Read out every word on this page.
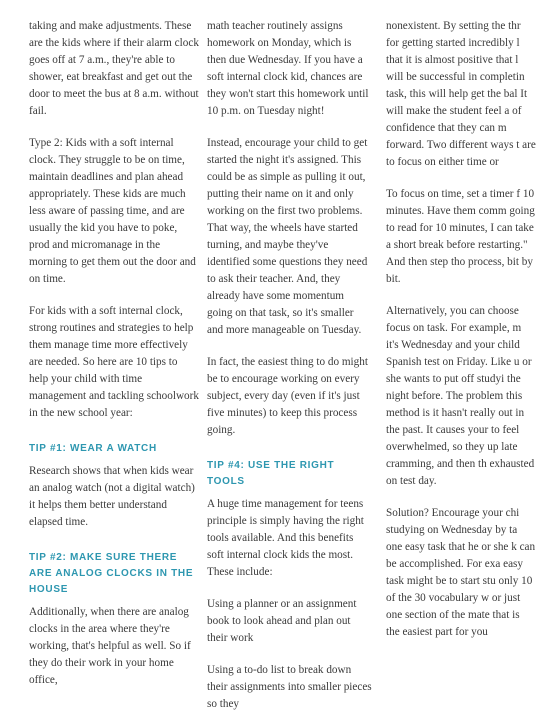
taking and make adjustments. These are the kids where if their alarm clock goes off at 7 a.m., they're able to shower, eat breakfast and get out the door to meet the bus at 8 a.m. without fail.

Type 2: Kids with a soft internal clock. They struggle to be on time, maintain deadlines and plan ahead appropriately. These kids are much less aware of passing time, and are usually the kid you have to poke, prod and micromanage in the morning to get them out the door and on time.

For kids with a soft internal clock, strong routines and strategies to help them manage time more effectively are needed. So here are 10 tips to help your child with time management and tackling schoolwork in the new school year:

TIP #1: WEAR A WATCH

Research shows that when kids wear an analog watch (not a digital watch) it helps them better understand elapsed time.

TIP #2: MAKE SURE THERE ARE ANALOG CLOCKS IN THE HOUSE

Additionally, when there are analog clocks in the area where they're working, that's helpful as well. So if they do their work in your home office,

math teacher routinely assigns homework on Monday, which is then due Wednesday. If you have a soft internal clock kid, chances are they won't start this homework until 10 p.m. on Tuesday night!

Instead, encourage your child to get started the night it's assigned. This could be as simple as pulling it out, putting their name on it and only working on the first two problems. That way, the wheels have started turning, and maybe they've identified some questions they need to ask their teacher. And, they already have some momentum going on that task, so it's smaller and more manageable on Tuesday.

In fact, the easiest thing to do might be to encourage working on every subject, every day (even if it's just five minutes) to keep this process going.

TIP #4: USE THE RIGHT TOOLS

A huge time management for teens principle is simply having the right tools available. And this benefits soft internal clock kids the most. These include:

Using a planner or an assignment book to look ahead and plan out their work

Using a to-do list to break down their assignments into smaller pieces so they

nonexistent. By setting the thr for getting started incredibly l that it is almost positive that l will be successful in completin task, this will help get the bal It will make the student feel a of confidence that they can m forward. Two different ways t are to focus on either time or

To focus on time, set a timer f 10 minutes. Have them comm going to read for 10 minutes, I can take a short break before restarting." And then step tho process, bit by bit.

Alternatively, you can choose focus on task. For example, m it's Wednesday and your child Spanish test on Friday. Like u or she wants to put off studyi the night before. The problem this method is it hasn't really out in the past. It causes your to feel overwhelmed, so they up late cramming, and then th exhausted on test day.

Solution? Encourage your chi studying on Wednesday by ta one easy task that he or she k can be accomplished. For exa easy task might be to start stu only 10 of the 30 vocabulary w or just one section of the mate that is the easiest part for you
